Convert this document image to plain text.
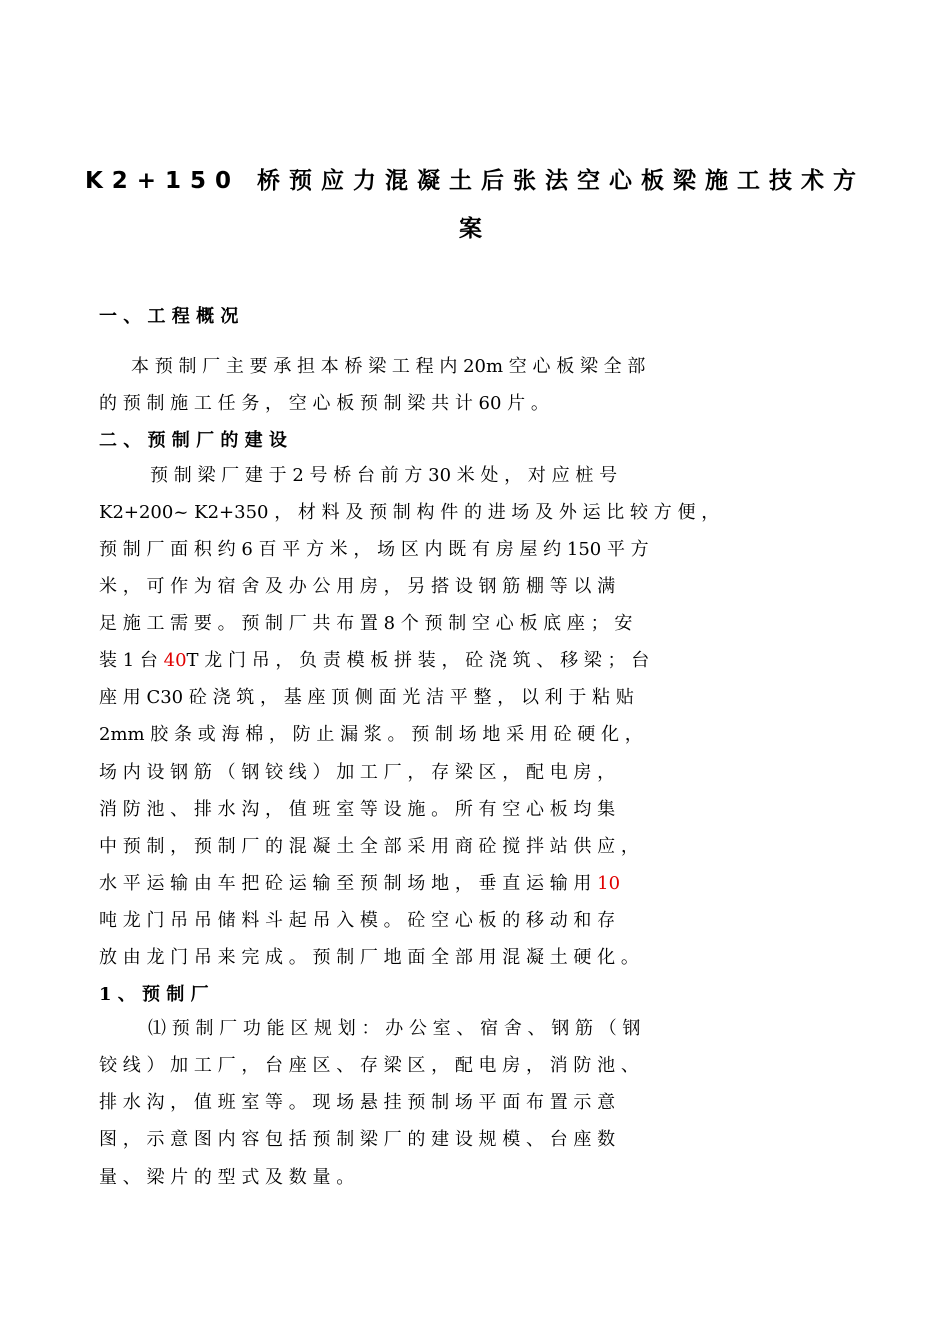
K2+150 桥预应力混凝土后张法空心板梁施工技术方
案
一 、 工 程 概 况
本 预 制 厂 主 要 承 担 本 桥 梁 工 程 内 20m 空 心 板 梁 全 部
的 预 制 施 工 任 务 ， 空 心 板 预 制 梁 共 计 60 片 。
二 、 预 制 厂 的 建 设
预 制 梁 厂 建 于 2 号 桥 台 前 方 30 米 处 ， 对 应 桩 号
K2+200~ K2+350 ， 材 料 及 预 制 构 件 的 进 场 及 外 运 比 较 方 便 ，
预 制 厂 面 积 约 6 百 平 方 米 ， 场 区 内 既 有 房 屋 约 150 平 方
米 ， 可 作 为 宿 舍 及 办 公 用 房 ， 另 搭 设 钢 筋 棚 等 以 满
足 施 工 需 要 。 预 制 厂 共 布 置 8 个 预 制 空 心 板 底 座 ； 安
装 1 台 40T 龙 门 吊 ， 负 责 模 板 拼 装 ， 砼 浇 筑 、 移 梁 ； 台
座 用 C30 砼 浇 筑 ， 基 座 顶 侧 面 光 洁 平 整 ， 以 利 于 粘 贴
2mm 胶 条 或 海 棉 ， 防 止 漏 浆 。 预 制 场 地 采 用 砼 硬 化 ，
场 内 设 钢 筋 （ 钢 铰 线 ） 加 工 厂 ， 存 梁 区 ， 配 电 房 ，
消 防 池 、 排 水 沟 ， 值 班 室 等 设 施 。 所 有 空 心 板 均 集
中 预 制 ， 预 制 厂 的 混 凝 土 全 部 采 用 商 砼 搅 拌 站 供 应 ，
水 平 运 输 由 车 把 砼 运 输 至 预 制 场 地 ， 垂 直 运 输 用 10
吨 龙 门 吊 吊 储 料 斗 起 吊 入 模 。 砼 空 心 板 的 移 动 和 存
放 由 龙 门 吊 来 完 成 。 预 制 厂 地 面 全 部 用 混 凝 土 硬 化 。
1 、 预 制 厂
⑴ 预 制 厂 功 能 区 规 划 ： 办 公 室 、 宿 舍 、 钢 筋 （ 钢
铰 线 ） 加 工 厂 ， 台 座 区 、 存 梁 区 ， 配 电 房 ， 消 防 池 、
排 水 沟 ， 值 班 室 等 。 现 场 悬 挂 预 制 场 平 面 布 置 示 意
图 ， 示 意 图 内 容 包 括 预 制 梁 厂 的 建 设 规 模 、 台 座 数
量 、 梁 片 的 型 式 及 数 量 。
